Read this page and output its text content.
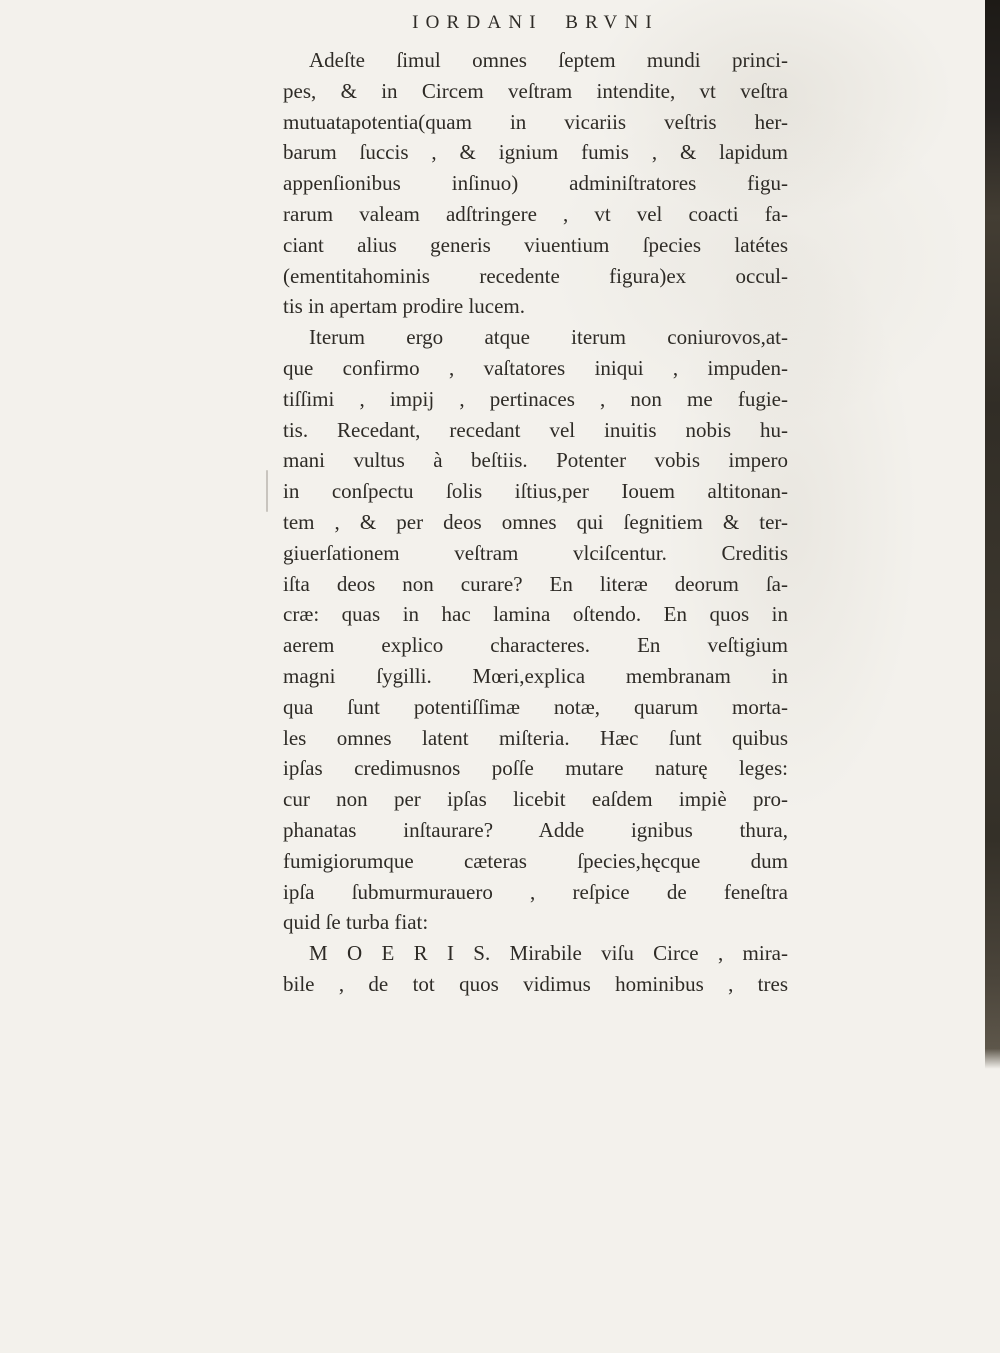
IORDANI BRVNI
Adeſte ſimul omnes ſeptem mundi princi-
pes, & in Circem veſtram intendite, vt veſtra
mutuatapotentia(quam in vicariis veſtris her-
barum ſuccis , & ignium fumis , & lapidum
appenſionibus inſinuo) adminiſtratores figu-
rarum valeam adſtringere , vt vel coacti fa-
ciant alius generis viuentium ſpecies latétes
(ementitahominis recedente figura)ex occul-
tis in apertam prodire lucem.
Iterum ergo atque iterum coniurovos,at-
que confirmo , vaſtatores iniqui , impuden-
tiſſimi , impij , pertinaces , non me fugie-
tis. Recedant, recedant vel inuitis nobis hu-
mani vultus à beſtiis. Potenter vobis impero
in conſpectu ſolis iſtius,per Iouem altitonan-
tem , & per deos omnes qui ſegnitiem & ter-
giuerſationem veſtram vlciſcentur. Creditis
iſta deos non curare? En literæ deorum ſa-
cræ: quas in hac lamina oſtendo. En quos in
aerem explico characteres. En veſtigium
magni ſygilli. Mœri,explica membranam in
qua ſunt potentiſſimæ notæ, quarum morta-
les omnes latent miſteria. Hæc ſunt quibus
ipſas credimusnos poſſe mutare naturę leges:
cur non per ipſas licebit eaſdem impiè pro-
phanatas inſtaurare? Adde ignibus thura,
fumigiorumque cæteras ſpecies,hęcque dum
ipſa ſubmurmurauero , reſpice de feneſtra
quid ſe turba fiat:
M O E R I S. Mirabile viſu Circe , mira-
bile , de tot quos vidimus hominibus , tres
